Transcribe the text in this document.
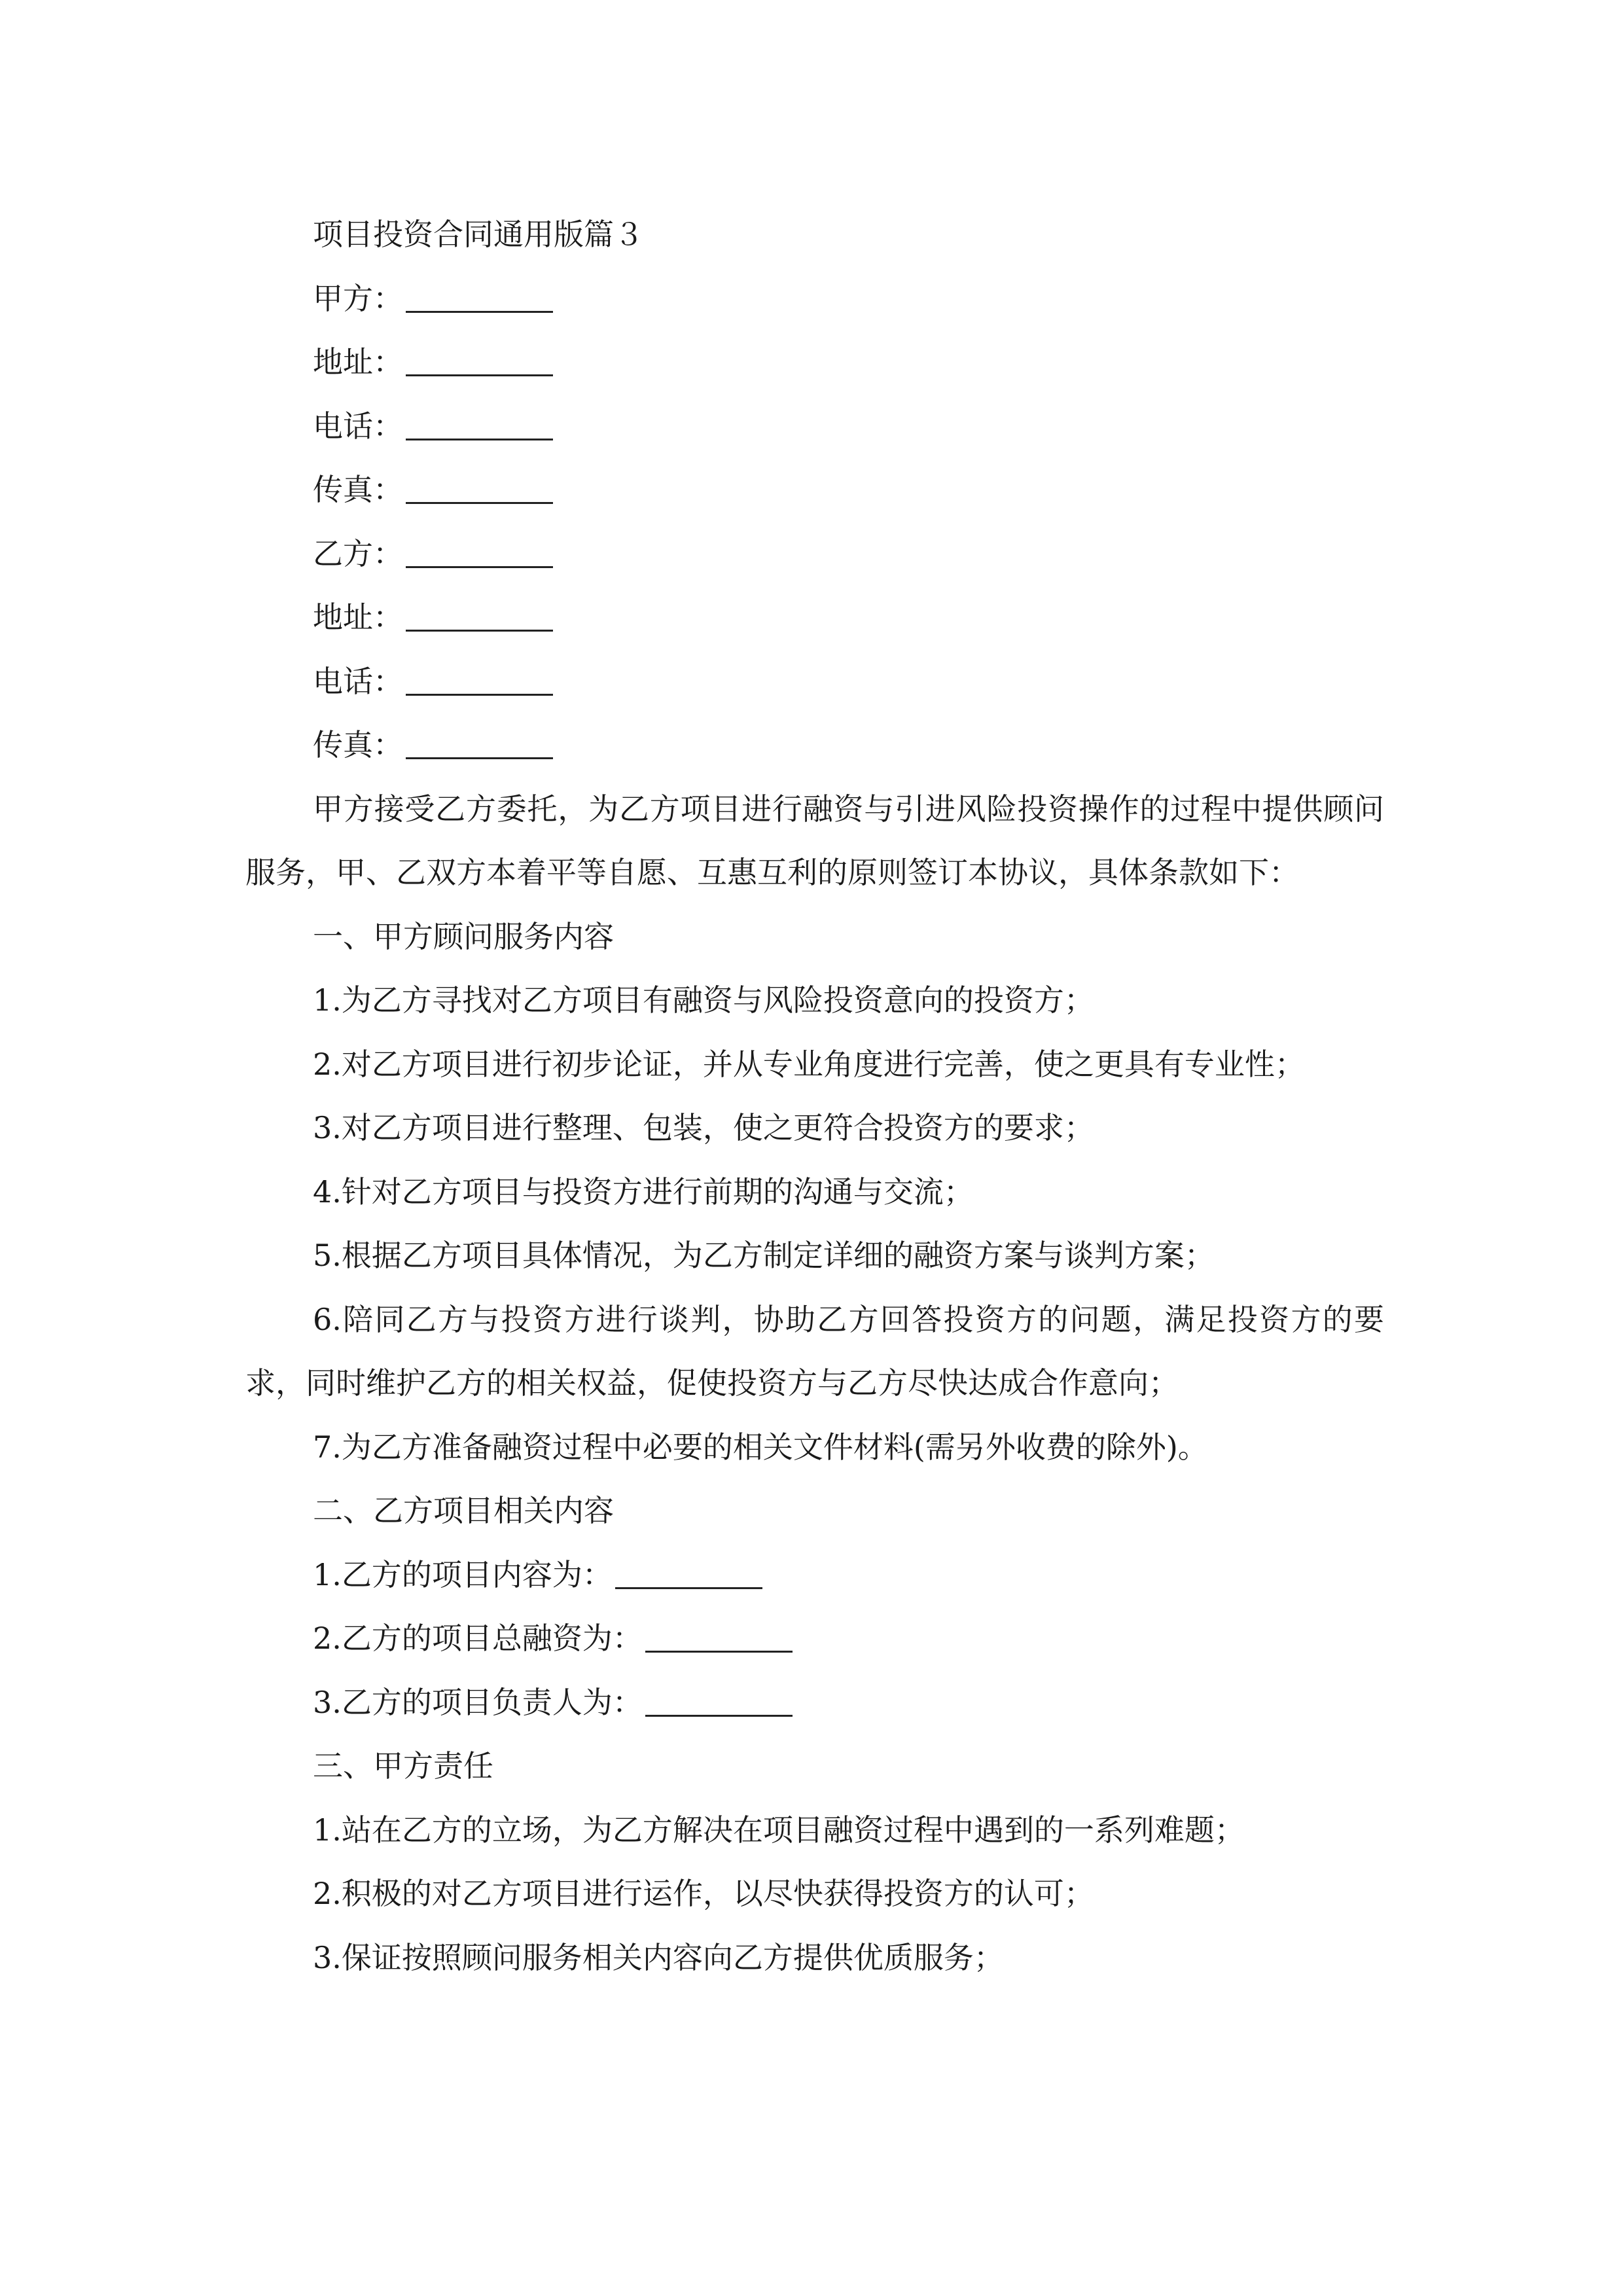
项目投资合同通用版篇３
甲方：
地址：
电话：
传真：
乙方：
地址：
电话：
传真：
甲方接受乙方委托，为乙方项目进行融资与引进风险投资操作的过程中提供顾问服务，甲、乙双方本着平等自愿、互惠互利的原则签订本协议，具体条款如下：
一、甲方顾问服务内容
1.为乙方寻找对乙方项目有融资与风险投资意向的投资方；
2.对乙方项目进行初步论证，并从专业角度进行完善，使之更具有专业性；
3.对乙方项目进行整理、包装，使之更符合投资方的要求；
4.针对乙方项目与投资方进行前期的沟通与交流；
5.根据乙方项目具体情况，为乙方制定详细的融资方案与谈判方案；
6.陪同乙方与投资方进行谈判，协助乙方回答投资方的问题，满足投资方的要求，同时维护乙方的相关权益，促使投资方与乙方尽快达成合作意向；
7.为乙方准备融资过程中必要的相关文件材料(需另外收费的除外)。
二、乙方项目相关内容
1.乙方的项目内容为：
2.乙方的项目总融资为：
3.乙方的项目负责人为：
三、甲方责任
1.站在乙方的立场，为乙方解决在项目融资过程中遇到的一系列难题；
2.积极的对乙方项目进行运作，以尽快获得投资方的认可；
3.保证按照顾问服务相关内容向乙方提供优质服务；
